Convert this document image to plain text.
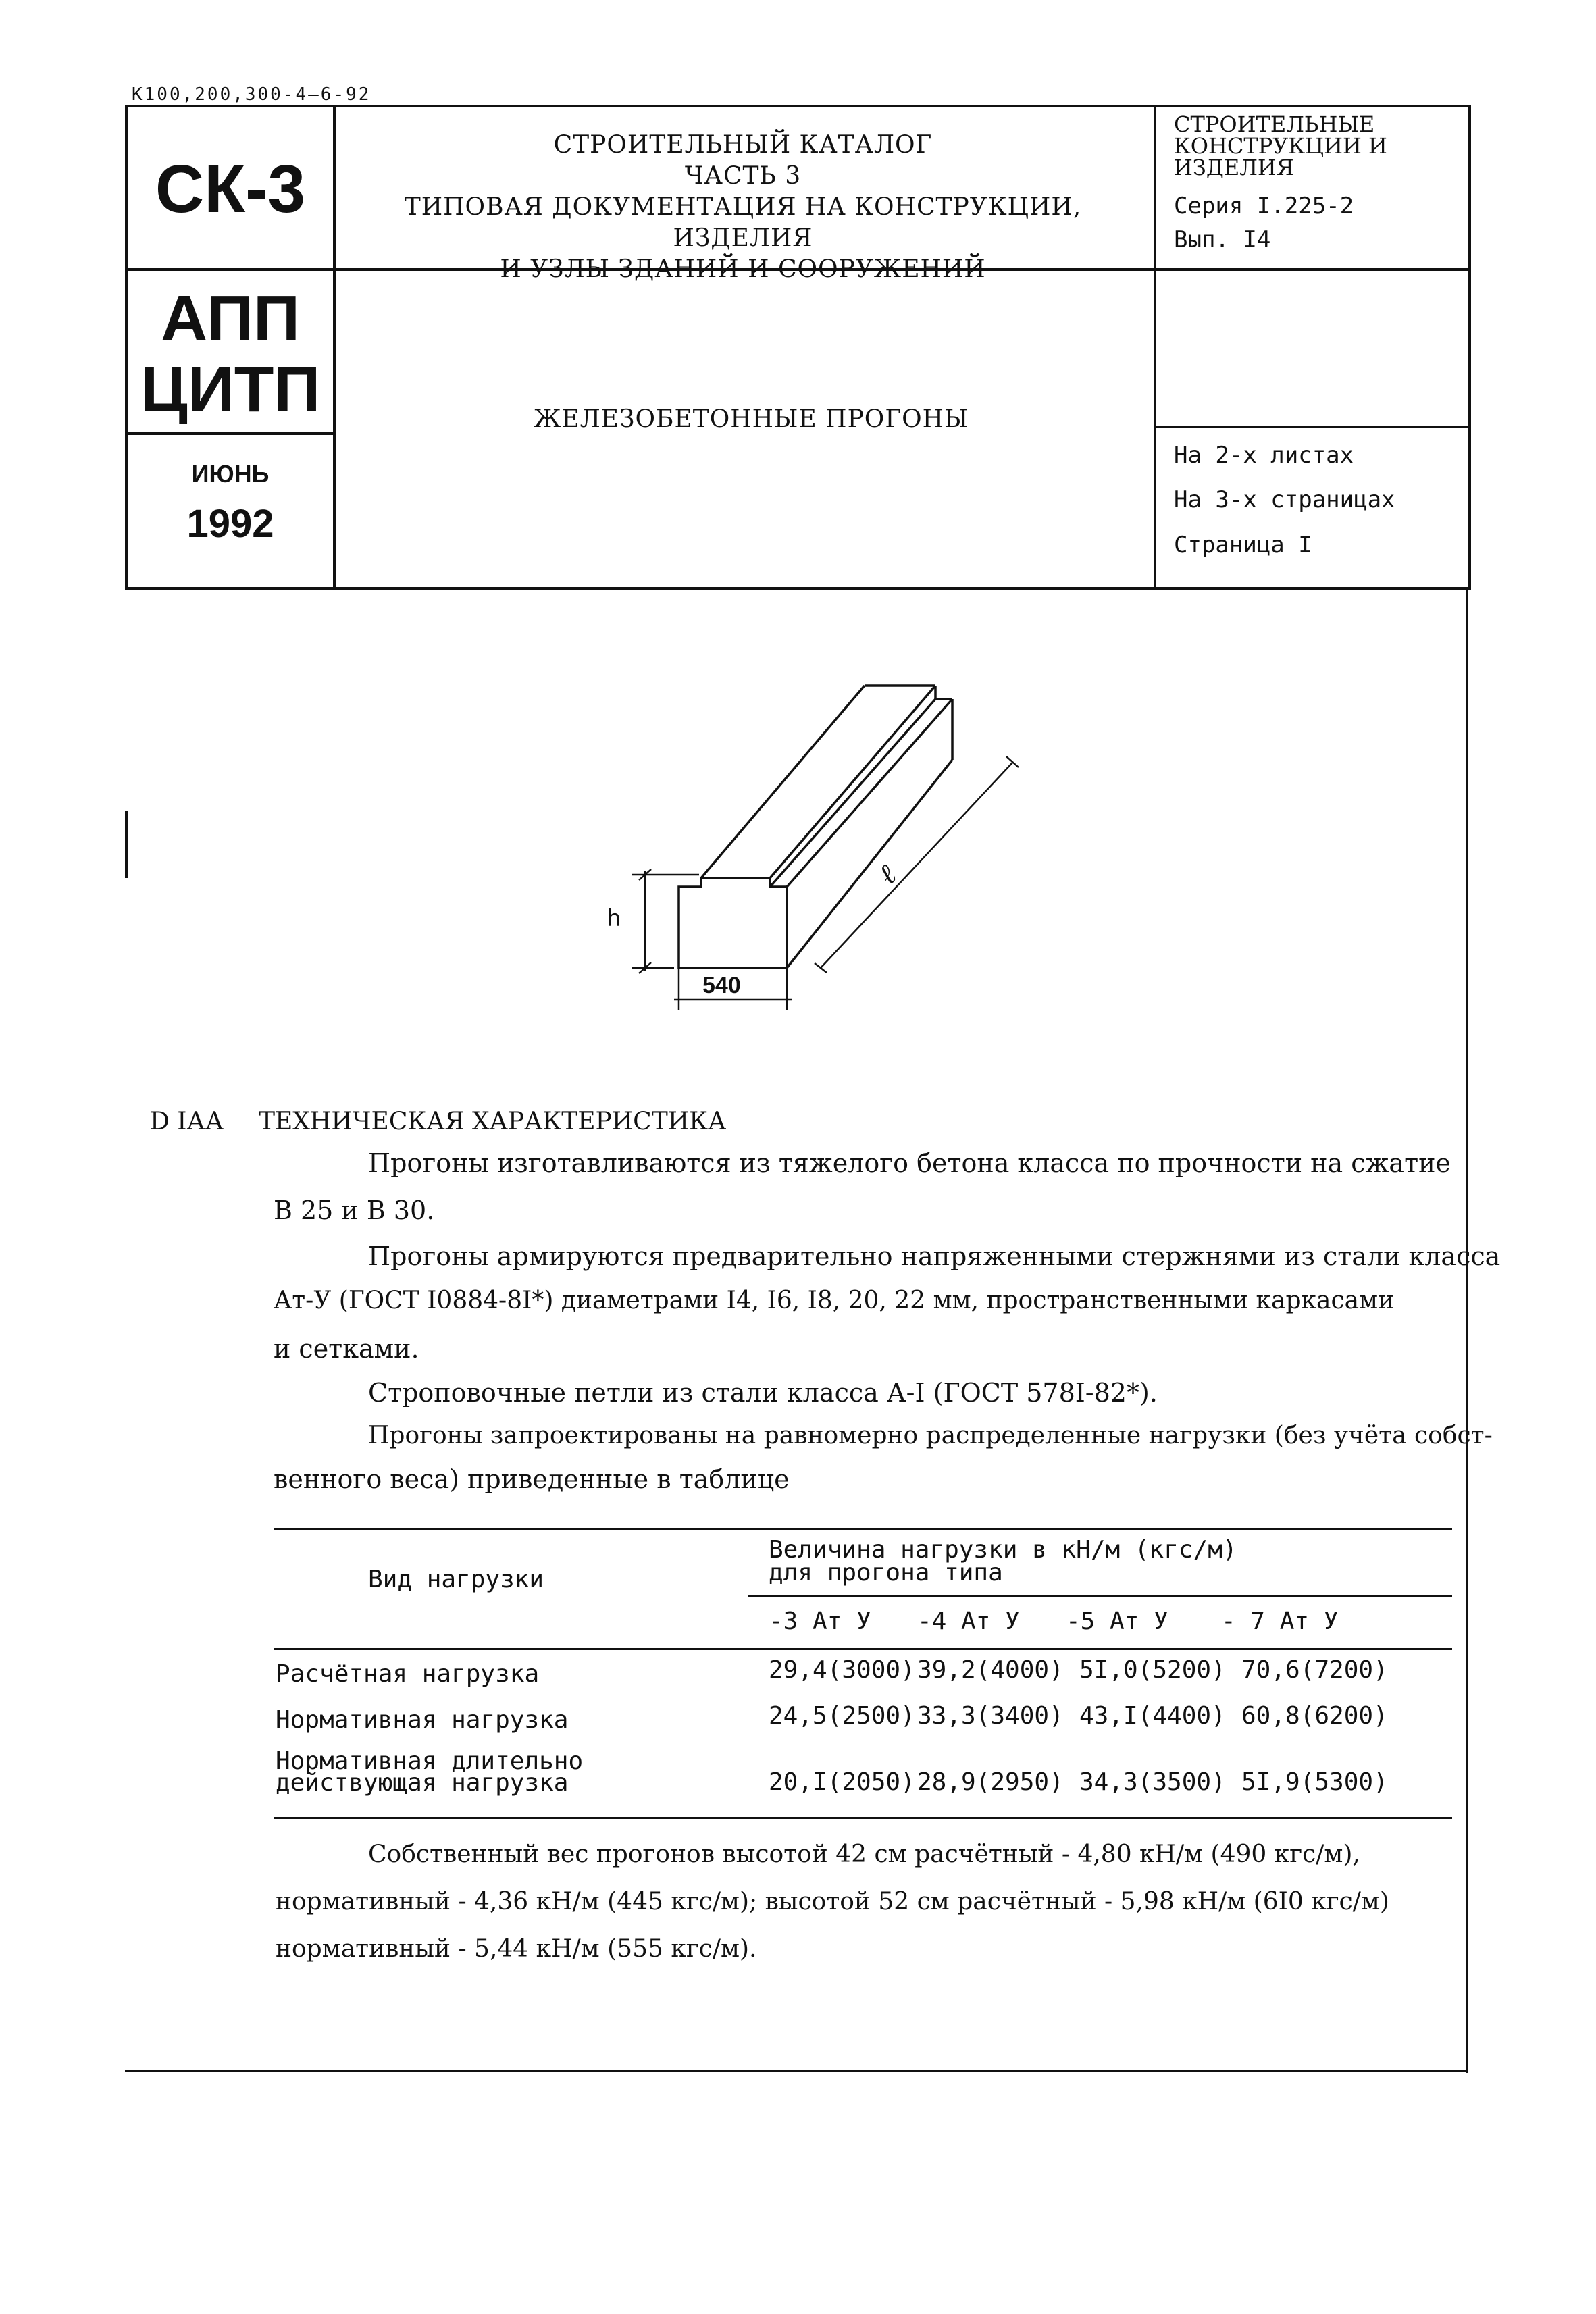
К100,200,300-4—6-92
СК-3
АПП
ЦИТП
ИЮНЬ
1992
СТРОИТЕЛЬНЫЙ КАТАЛОГ
ЧАСТЬ 3
ТИПОВАЯ ДОКУМЕНТАЦИЯ НА КОНСТРУКЦИИ, ИЗДЕЛИЯ
И УЗЛЫ ЗДАНИЙ И СООРУЖЕНИЙ
СТРОИТЕЛЬНЫЕ
КОНСТРУКЦИИ И
ИЗДЕЛИЯ
Серия I.225-2
Вып. I4
ЖЕЛЕЗОБЕТОННЫЕ ПРОГОНЫ
На 2-х листах
На 3-х страницах
Страница I
h
ℓ
540
D IАА ТЕХНИЧЕСКАЯ ХАРАКТЕРИСТИКА
Прогоны изготавливаются из тяжелого бетона класса по прочности на сжатие
В 25 и В 30.
Прогоны армируются предварительно напряженными стержнями из стали класса
Ат-У (ГОСТ I0884-8I*) диаметрами I4, I6, I8, 20, 22 мм, пространственными каркасами
и сетками.
Строповочные петли из стали класса А-I (ГОСТ 578I-82*).
Прогоны запроектированы на равномерно распределенные нагрузки (без учёта собст-
венного веса) приведенные в таблице
Вид нагрузки
Величина нагрузки в кН/м (кгс/м)
для прогона типа
-3 Ат У -4 Ат У -5 Ат У - 7 Ат У
Расчётная нагрузка	29,4(3000) 39,2(4000) 5I,0(5200) 70,6(7200)
Нормативная нагрузка	24,5(2500) 33,3(3400) 43,I(4400) 60,8(6200)
Нормативная длительно
действующая нагрузка	20,I(2050) 28,9(2950) 34,3(3500) 5I,9(5300)
Собственный вес прогонов высотой 42 см расчётный - 4,80 кН/м (490 кгс/м),
нормативный - 4,36 кН/м (445 кгс/м); высотой 52 см расчётный - 5,98 кН/м (6I0 кгс/м)
нормативный - 5,44 кН/м (555 кгс/м).
